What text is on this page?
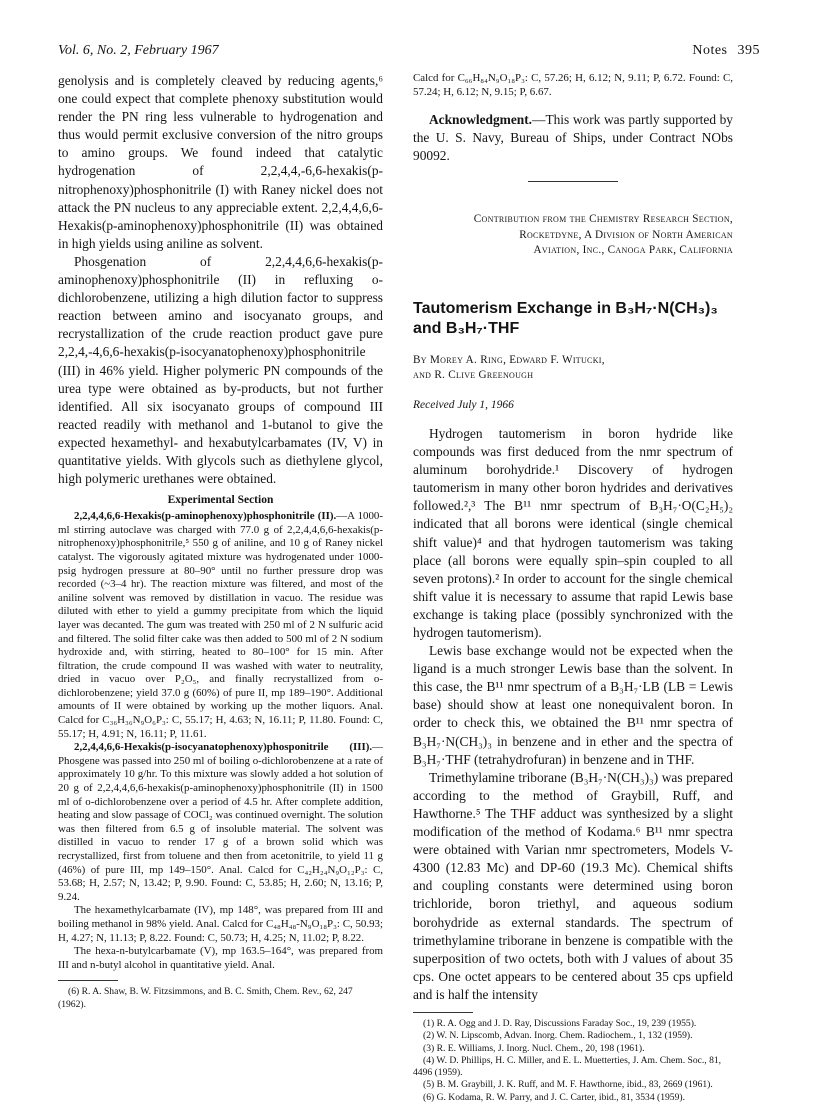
Vol. 6, No. 2, February 1967	Notes 395

genolysis and is completely cleaved by reducing agents,⁶ one could expect that complete phenoxy substitution would render the PN ring less vulnerable to hydrogenation and thus would permit exclusive conversion of the nitro groups to amino groups. We found indeed that catalytic hydrogenation of 2,2,4,4,-6,6-hexakis(p-nitrophenoxy)phosphonitrile (I) with Raney nickel does not attack the PN nucleus to any appreciable extent. 2,2,4,4,6,6-Hexakis(p-aminophenoxy)phosphonitrile (II) was obtained in high yields using aniline as solvent.

Phosgenation of 2,2,4,4,6,6-hexakis(p-aminophenoxy)phosphonitrile (II) in refluxing o-dichlorobenzene, utilizing a high dilution factor to suppress reaction between amino and isocyanato groups, and recrystallization of the crude reaction product gave pure 2,2,4,-4,6,6-hexakis(p-isocyanatophenoxy)phosphonitrile (III) in 46% yield. Higher polymeric PN compounds of the urea type were obtained as by-products, but not further identified. All six isocyanato groups of compound III reacted readily with methanol and 1-butanol to give the expected hexamethyl- and hexabutylcarbamates (IV, V) in quantitative yields. With glycols such as diethylene glycol, high polymeric urethanes were obtained.

Experimental Section

2,2,4,4,6,6-Hexakis(p-aminophenoxy)phosphonitrile (II).—A 1000-ml stirring autoclave was charged with 77.0 g of 2,2,4,4,6,6-hexakis(p-nitrophenoxy)phosphonitrile,⁵ 550 g of aniline, and 10 g of Raney nickel catalyst. The vigorously agitated mixture was hydrogenated under 1000-psig hydrogen pressure at 80–90° until no further pressure drop was recorded (~3–4 hr). The reaction mixture was filtered, and most of the aniline solvent was removed by distillation in vacuo. The residue was diluted with ether to yield a gummy precipitate from which the liquid layer was decanted. The gum was treated with 250 ml of 2 N sulfuric acid and filtered. The solid filter cake was then added to 500 ml of 2 N sodium hydroxide and, with stirring, heated to 80–100° for 15 min. After filtration, the crude compound II was washed with water to neutrality, dried in vacuo over P₂O₅, and finally recrystallized from o-dichlorobenzene; yield 37.0 g (60%) of pure II, mp 189–190°. Additional amounts of II were obtained by working up the mother liquors. Anal. Calcd for C₃₆H₃₆N₉O₆P₃: C, 55.17; H, 4.63; N, 16.11; P, 11.80. Found: C, 55.17; H, 4.91; N, 16.11; P, 11.61.

2,2,4,4,6,6-Hexakis(p-isocyanatophenoxy)phosponitrile (III).—Phosgene was passed into 250 ml of boiling o-dichlorobenzene at a rate of approximately 10 g/hr. To this mixture was slowly added a hot solution of 20 g of 2,2,4,4,6,6-hexakis(p-aminophenoxy)phosphonitrile (II) in 1500 ml of o-dichlorobenzene over a period of 4.5 hr. After complete addition, heating and slow passage of COCl₂ was continued overnight. The solution was then filtered from 6.5 g of insoluble material. The solvent was distilled in vacuo to render 17 g of a brown solid which was recrystallized, first from toluene and then from acetonitrile, to yield 11 g (46%) of pure III, mp 149–150°. Anal. Calcd for C₄₂H₂₄N₉O₁₂P₃: C, 53.68; H, 2.57; N, 13.42; P, 9.90. Found: C, 53.85; H, 2.60; N, 13.16; P, 9.24.

The hexamethylcarbamate (IV), mp 148°, was prepared from III and boiling methanol in 98% yield. Anal. Calcd for C₄₈H₄₈-N₉O₁₈P₃: C, 50.93; H, 4.27; N, 11.13; P, 8.22. Found: C, 50.73; H, 4.25; N, 11.02; P, 8.22.

The hexa-n-butylcarbamate (V), mp 163.5–164°, was prepared from III and n-butyl alcohol in quantitative yield. Anal.

(6) R. A. Shaw, B. W. Fitzsimmons, and B. C. Smith, Chem. Rev., 62, 247 (1962).

Calcd for C₆₆H₈₄N₉O₁₈P₃: C, 57.26; H, 6.12; N, 9.11; P, 6.72. Found: C, 57.24; H, 6.12; N, 9.15; P, 6.67.

Acknowledgment.—This work was partly supported by the U. S. Navy, Bureau of Ships, under Contract NObs 90092.

Contribution from the Chemistry Research Section,
Rocketdyne, A Division of North American
Aviation, Inc., Canoga Park, California
Tautomerism Exchange in B₃H₇·N(CH₃)₃
and B₃H₇·THF
By Morey A. Ring, Edward F. Witucki,
and R. Clive Greenough
Received July 1, 1966

Hydrogen tautomerism in boron hydride like compounds was first deduced from the nmr spectrum of aluminum borohydride.¹ Discovery of hydrogen tautomerism in many other boron hydrides and derivatives followed.²,³ The B¹¹ nmr spectrum of B₃H₇·O(C₂H₅)₂ indicated that all borons were identical (single chemical shift value)⁴ and that hydrogen tautomerism was taking place (all borons were equally spin–spin coupled to all seven protons).² In order to account for the single chemical shift value it is necessary to assume that rapid Lewis base exchange is taking place (possibly synchronized with the hydrogen tautomerism).

Lewis base exchange would not be expected when the ligand is a much stronger Lewis base than the solvent. In this case, the B¹¹ nmr spectrum of a B₃H₇·LB (LB = Lewis base) should show at least one nonequivalent boron. In order to check this, we obtained the B¹¹ nmr spectra of B₃H₇·N(CH₃)₃ in benzene and in ether and the spectra of B₃H₇·THF (tetrahydrofuran) in benzene and in THF.

Trimethylamine triborane (B₃H₇·N(CH₃)₃) was prepared according to the method of Graybill, Ruff, and Hawthorne.⁵ The THF adduct was synthesized by a slight modification of the method of Kodama.⁶ B¹¹ nmr spectra were obtained with Varian nmr spectrometers, Models V-4300 (12.83 Mc) and DP-60 (19.3 Mc). Chemical shifts and coupling constants were determined using boron trichloride, boron triethyl, and aqueous sodium borohydride as external standards. The spectrum of trimethylamine triborane in benzene is compatible with the superposition of two octets, both with J values of about 35 cps. One octet appears to be centered about 35 cps upfield and is half the intensity

(1) R. A. Ogg and J. D. Ray, Discussions Faraday Soc., 19, 239 (1955).

(2) W. N. Lipscomb, Advan. Inorg. Chem. Radiochem., 1, 132 (1959).

(3) R. E. Williams, J. Inorg. Nucl. Chem., 20, 198 (1961).

(4) W. D. Phillips, H. C. Miller, and E. L. Muetterties, J. Am. Chem. Soc., 81, 4496 (1959).

(5) B. M. Graybill, J. K. Ruff, and M. F. Hawthorne, ibid., 83, 2669 (1961).

(6) G. Kodama, R. W. Parry, and J. C. Carter, ibid., 81, 3534 (1959).
